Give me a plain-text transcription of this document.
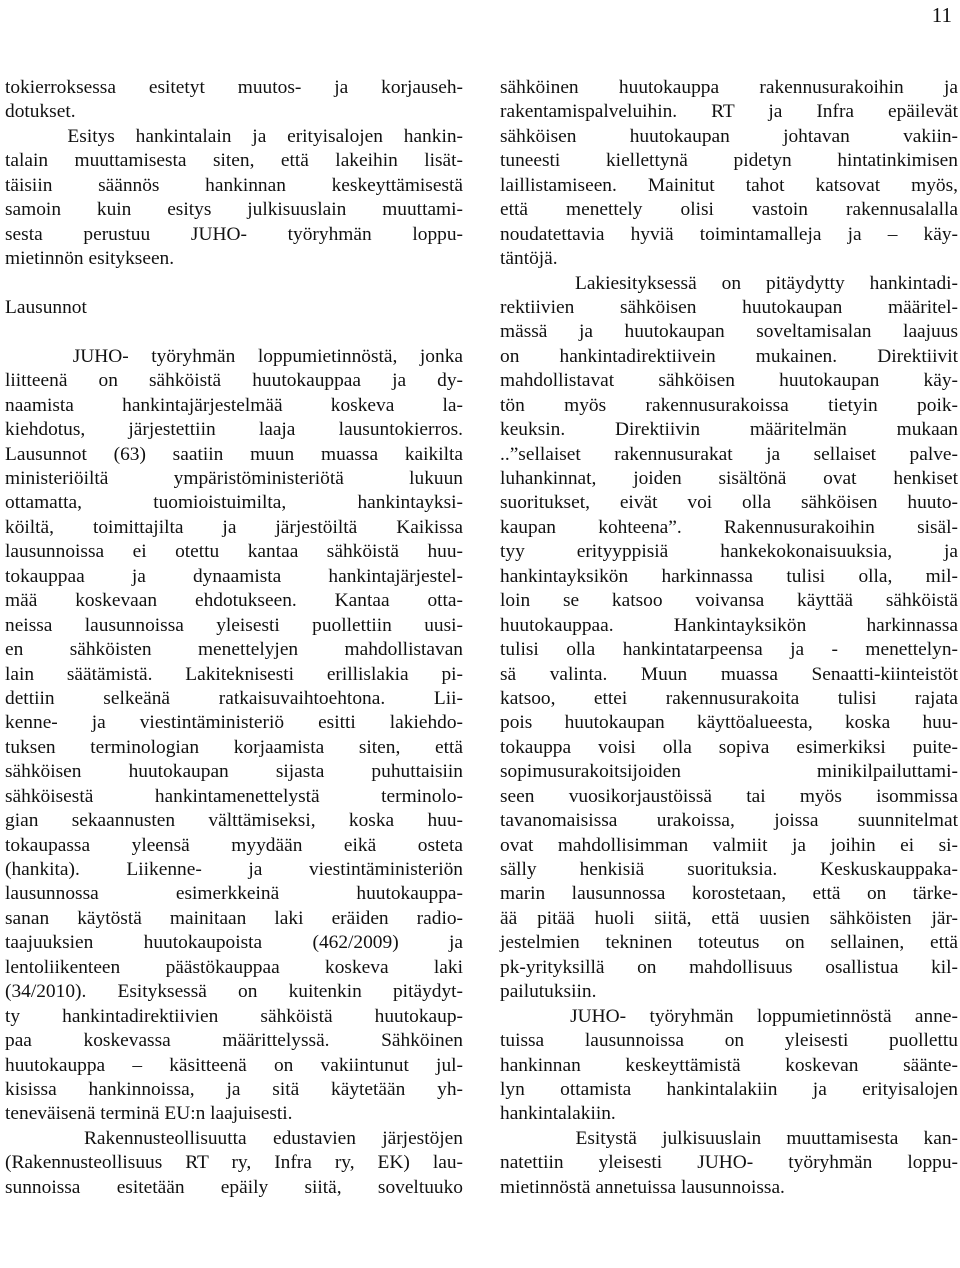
11
tokierroksessa esitetyt muutos- ja korjauseh-
dotukset.
Esitys hankintalain ja erityisalojen hankin-
talain muuttamisesta siten, että lakeihin lisät-
täisiin säännös hankinnan keskeyttämisestä
samoin kuin esitys julkisuuslain muuttami-
sesta perustuu JUHO- työryhmän loppu-
mietinnön esitykseen.
Lausunnot
JUHO- työryhmän loppumietinnöstä, jonka
liitteenä on sähköistä huutokauppaa ja dy-
naamista hankintajärjestelmää koskeva la-
kiehdotus, järjestettiin laaja lausuntokierros.
Lausunnot (63) saatiin muun muassa kaikilta
ministeriöiltä ympäristöministeriötä lukuun
ottamatta, tuomioistuimilta, hankintayksi-
köiltä, toimittajilta ja järjestöiltä Kaikissa
lausunnoissa ei otettu kantaa sähköistä huu-
tokauppaa ja dynaamista hankintajärjestel-
mää koskevaan ehdotukseen. Kantaa otta-
neissa lausunnoissa yleisesti puollettiin uusi-
en sähköisten menettelyjen mahdollistavan
lain säätämistä. Lakiteknisesti erillislakia pi-
dettiin selkeänä ratkaisuvaihtoehtona. Lii-
kenne- ja viestintäministeriö esitti lakiehdo-
tuksen terminologian korjaamista siten, että
sähköisen huutokaupan sijasta puhuttaisiin
sähköisestä hankintamenettelystä terminolo-
gian sekaannusten välttämiseksi, koska huu-
tokaupassa yleensä myydään eikä osteta
(hankita). Liikenne- ja viestintäministeriön
lausunnossa esimerkkeinä huutokauppa-
sanan käytöstä mainitaan laki eräiden radio-
taajuuksien huutokaupoista (462/2009) ja
lentoliikenteen päästökauppaa koskeva laki
(34/2010). Esityksessä on kuitenkin pitäydyt-
ty hankintadirektiivien sähköistä huutokaup-
paa koskevassa määrittelyssä. Sähköinen
huutokauppa – käsitteenä on vakiintunut jul-
kisissa hankinnoissa, ja sitä käytetään yh-
teneväisenä terminä EU:n laajuisesti.
Rakennusteollisuutta edustavien järjestöjen
(Rakennusteollisuus RT ry, Infra ry, EK) lau-
sunnoissa esitetään epäily siitä, soveltuuko
sähköinen huutokauppa rakennusurakoihin ja
rakentamispalveluihin. RT ja Infra epäilevät
sähköisen huutokaupan johtavan vakiin-
tuneesti kiellettynä pidetyn hintatinkimisen
laillistamiseen. Mainitut tahot katsovat myös,
että menettely olisi vastoin rakennusalalla
noudatettavia hyviä toimintamalleja ja – käy-
täntöjä.
Lakiesityksessä on pitäydytty hankintadi-
rektiivien sähköisen huutokaupan määritel-
mässä ja huutokaupan soveltamisalan laajuus
on hankintadirektiivein mukainen. Direktiivit
mahdollistavat sähköisen huutokaupan käy-
tön myös rakennusurakoissa tietyin poik-
keuksin. Direktiivin määritelmän mukaan
..”sellaiset rakennusurakat ja sellaiset palve-
luhankinnat, joiden sisältönä ovat henkiset
suoritukset, eivät voi olla sähköisen huuto-
kaupan kohteena”. Rakennusurakoihin sisäl-
tyy erityyppisiä hankekokonaisuuksia, ja
hankintayksikön harkinnassa tulisi olla, mil-
loin se katsoo voivansa käyttää sähköistä
huutokauppaa. Hankintayksikön harkinnassa
tulisi olla hankintatarpeensa ja - menettelyn-
sä valinta. Muun muassa Senaatti-kiinteistöt
katsoo, ettei rakennusurakoita tulisi rajata
pois huutokaupan käyttöalueesta, koska huu-
tokauppa voisi olla sopiva esimerkiksi puite-
sopimusurakoitsijoiden minikilpailuttami-
seen vuosikorjaustöissä tai myös isommissa
tavanomaisissa urakoissa, joissa suunnitelmat
ovat mahdollisimman valmiit ja joihin ei si-
sälly henkisiä suorituksia. Keskuskauppaka-
marin lausunnossa korostetaan, että on tärke-
ää pitää huoli siitä, että uusien sähköisten jär-
jestelmien tekninen toteutus on sellainen, että
pk-yrityksillä on mahdollisuus osallistua kil-
pailutuksiin.
JUHO- työryhmän loppumietinnöstä anne-
tuissa lausunnoissa on yleisesti puollettu
hankinnan keskeyttämistä koskevan säänte-
lyn ottamista hankintalakiin ja erityisalojen
hankintalakiin.
Esitystä julkisuuslain muuttamisesta kan-
natettiin yleisesti JUHO- työryhmän loppu-
mietinnöstä annetuissa lausunnoissa.
